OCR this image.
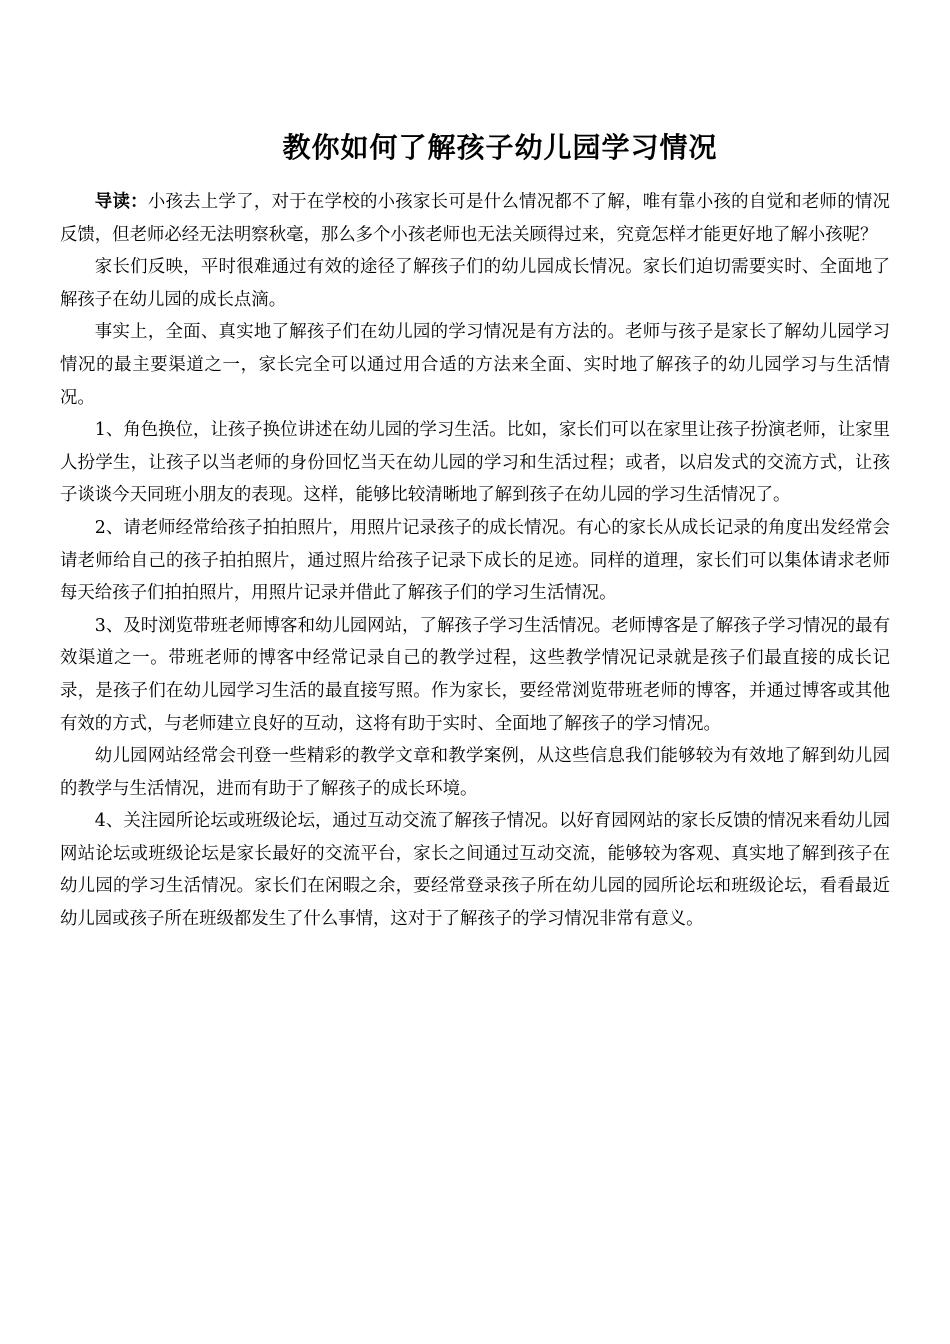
教你如何了解孩子幼儿园学习情况

导读：小孩去上学了，对于在学校的小孩家长可是什么情况都不了解，唯有靠小孩的自觉和老师的情况反馈，但老师必经无法明察秋毫，那么多个小孩老师也无法关顾得过来，究竟怎样才能更好地了解小孩呢？

家长们反映，平时很难通过有效的途径了解孩子们的幼儿园成长情况。家长们迫切需要实时、全面地了解孩子在幼儿园的成长点滴。

事实上，全面、真实地了解孩子们在幼儿园的学习情况是有方法的。老师与孩子是家长了解幼儿园学习情况的最主要渠道之一，家长完全可以通过用合适的方法来全面、实时地了解孩子的幼儿园学习与生活情况。

1、角色换位，让孩子换位讲述在幼儿园的学习生活。比如，家长们可以在家里让孩子扮演老师，让家里人扮学生，让孩子以当老师的身份回忆当天在幼儿园的学习和生活过程；或者，以启发式的交流方式，让孩子谈谈今天同班小朋友的表现。这样，能够比较清晰地了解到孩子在幼儿园的学习生活情况了。

2、请老师经常给孩子拍拍照片，用照片记录孩子的成长情况。有心的家长从成长记录的角度出发经常会请老师给自己的孩子拍拍照片，通过照片给孩子记录下成长的足迹。同样的道理，家长们可以集体请求老师每天给孩子们拍拍照片，用照片记录并借此了解孩子们的学习生活情况。

3、及时浏览带班老师博客和幼儿园网站，了解孩子学习生活情况。老师博客是了解孩子学习情况的最有效渠道之一。带班老师的博客中经常记录自己的教学过程，这些教学情况记录就是孩子们最直接的成长记录，是孩子们在幼儿园学习生活的最直接写照。作为家长，要经常浏览带班老师的博客，并通过博客或其他有效的方式，与老师建立良好的互动，这将有助于实时、全面地了解孩子的学习情况。

幼儿园网站经常会刊登一些精彩的教学文章和教学案例，从这些信息我们能够较为有效地了解到幼儿园的教学与生活情况，进而有助于了解孩子的成长环境。

4、关注园所论坛或班级论坛，通过互动交流了解孩子情况。以好育园网站的家长反馈的情况来看幼儿园网站论坛或班级论坛是家长最好的交流平台，家长之间通过互动交流，能够较为客观、真实地了解到孩子在幼儿园的学习生活情况。家长们在闲暇之余，要经常登录孩子所在幼儿园的园所论坛和班级论坛，看看最近幼儿园或孩子所在班级都发生了什么事情，这对于了解孩子的学习情况非常有意义。
